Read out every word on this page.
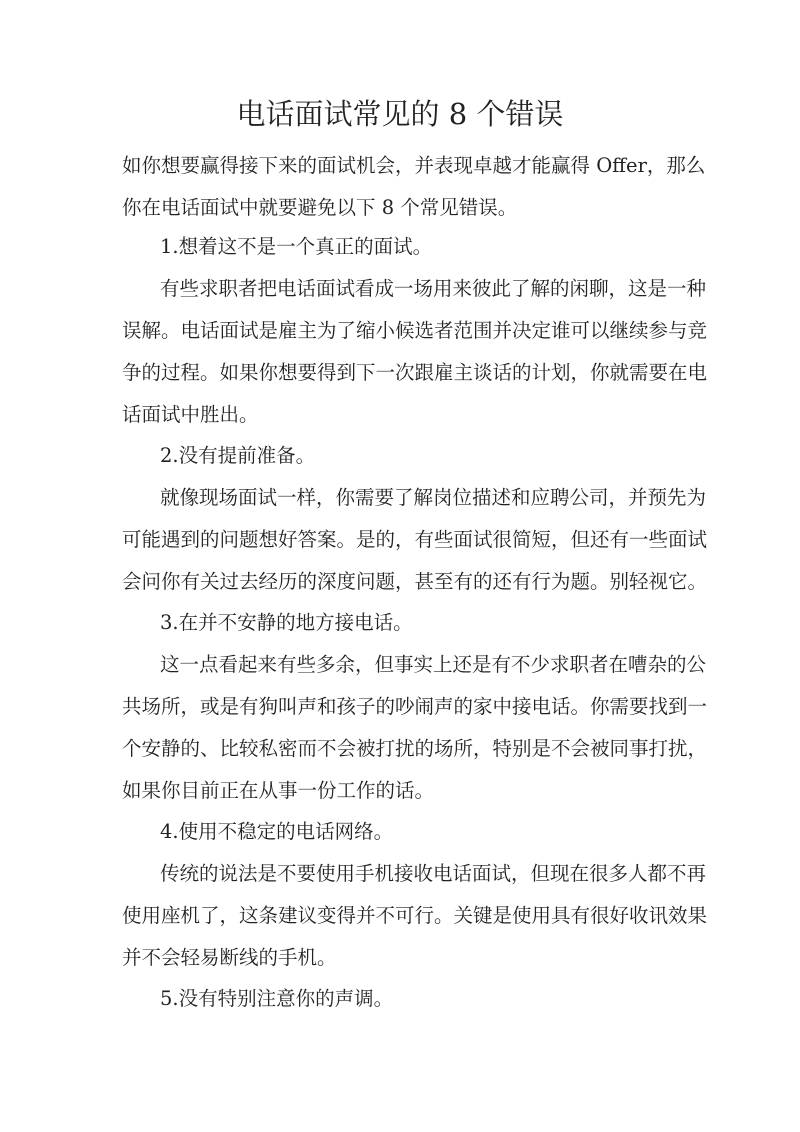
电话面试常见的 8 个错误

如你想要赢得接下来的面试机会，并表现卓越才能赢得 Offer，那么
你在电话面试中就要避免以下 8 个常见错误。

1.想着这不是一个真正的面试。

有些求职者把电话面试看成一场用来彼此了解的闲聊，这是一种
误解。电话面试是雇主为了缩小候选者范围并决定谁可以继续参与竞
争的过程。如果你想要得到下一次跟雇主谈话的计划，你就需要在电
话面试中胜出。

2.没有提前准备。

就像现场面试一样，你需要了解岗位描述和应聘公司，并预先为
可能遇到的问题想好答案。是的，有些面试很简短，但还有一些面试
会问你有关过去经历的深度问题，甚至有的还有行为题。别轻视它。

3.在并不安静的地方接电话。

这一点看起来有些多余，但事实上还是有不少求职者在嘈杂的公
共场所，或是有狗叫声和孩子的吵闹声的家中接电话。你需要找到一
个安静的、比较私密而不会被打扰的场所，特别是不会被同事打扰，
如果你目前正在从事一份工作的话。

4.使用不稳定的电话网络。

传统的说法是不要使用手机接收电话面试，但现在很多人都不再
使用座机了，这条建议变得并不可行。关键是使用具有很好收讯效果
并不会轻易断线的手机。

5.没有特别注意你的声调。
